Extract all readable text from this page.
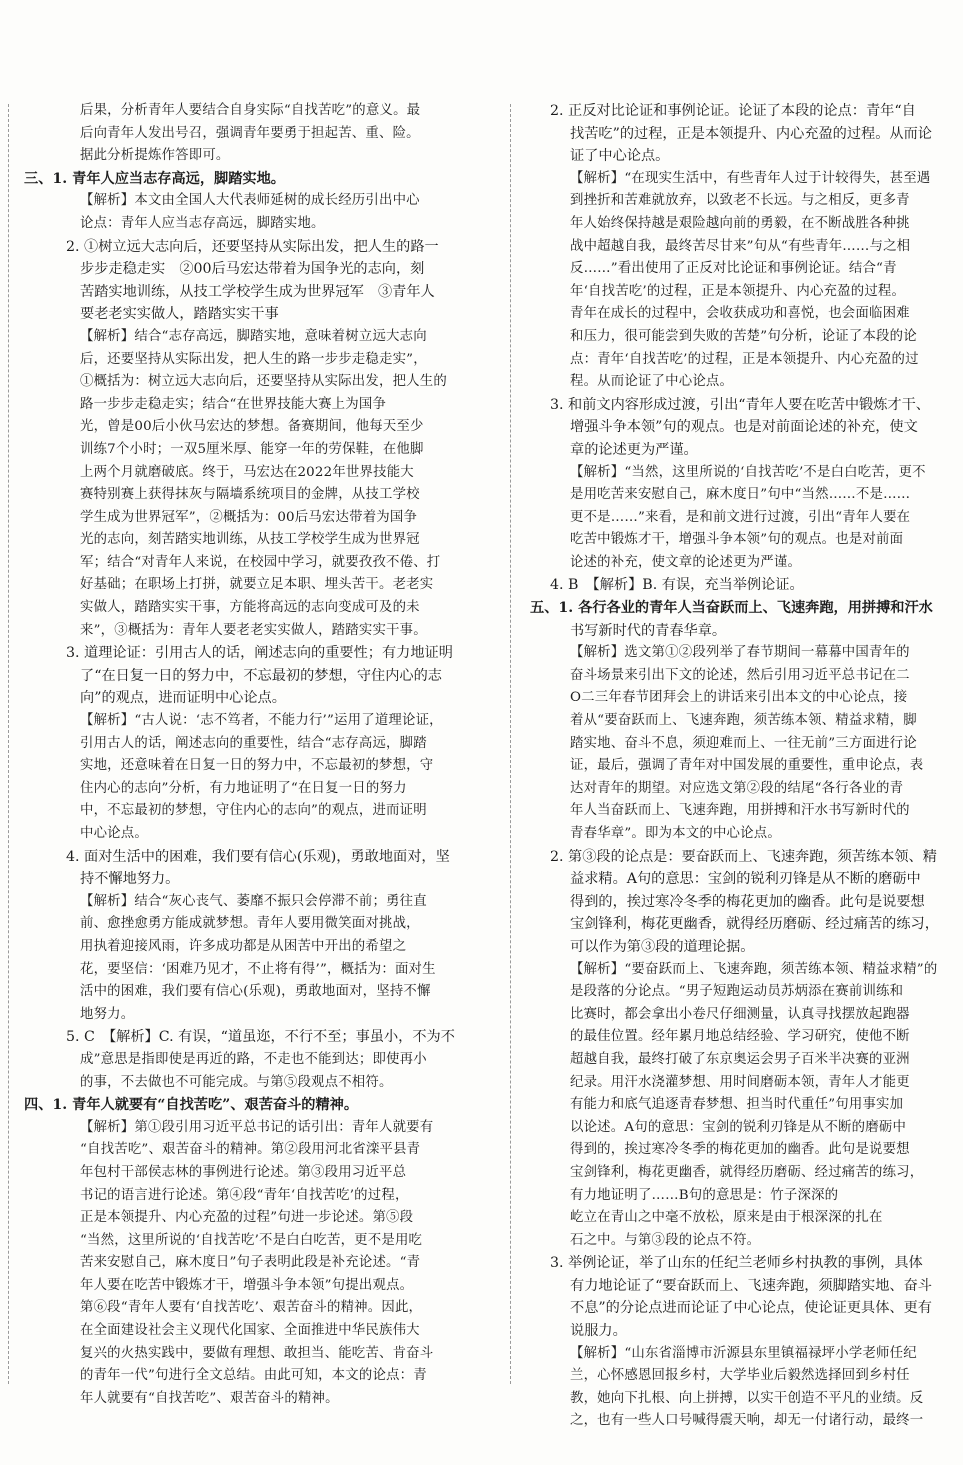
后果，分析青年人要结合自身实际“自找苦吃”的意义。最
后向青年人发出号召，强调青年要勇于担起苦、重、险。
据此分析提炼作答即可。
三、1. 青年人应当志存高远，脚踏实地。
【解析】本文由全国人大代表师延树的成长经历引出中心
论点：青年人应当志存高远，脚踏实地。
2. ①树立远大志向后，还要坚持从实际出发，把人生的路一
步步走稳走实　②00后马宏达带着为国争光的志向，刻
苦踏实地训练，从技工学校学生成为世界冠军　③青年人
要老老实实做人，踏踏实实干事
【解析】结合“志存高远，脚踏实地，意味着树立远大志向
后，还要坚持从实际出发，把人生的路一步步走稳走实”，
①概括为：树立远大志向后，还要坚持从实际出发，把人生的
路一步步走稳走实；结合“在世界技能大赛上为国争
光，曾是00后小伙马宏达的梦想。备赛期间，他每天至少
训练7个小时；一双5厘米厚、能穿一年的劳保鞋，在他脚
上两个月就磨破底。终于，马宏达在2022年世界技能大
赛特别赛上获得抹灰与隔墙系统项目的金牌，从技工学校
学生成为世界冠军”，②概括为：00后马宏达带着为国争
光的志向，刻苦踏实地训练，从技工学校学生成为世界冠
军；结合“对青年人来说，在校园中学习，就要孜孜不倦、打
好基础；在职场上打拼，就要立足本职、埋头苦干。老老实
实做人，踏踏实实干事，方能将高远的志向变成可及的未
来”，③概括为：青年人要老老实实做人，踏踏实实干事。
3. 道理论证：引用古人的话，阐述志向的重要性；有力地证明
了“在日复一日的努力中，不忘最初的梦想，守住内心的志
向”的观点，进而证明中心论点。
【解析】“古人说：‘志不笃者，不能力行’”运用了道理论证，
引用古人的话，阐述志向的重要性，结合“志存高远，脚踏
实地，还意味着在日复一日的努力中，不忘最初的梦想，守
住内心的志向”分析，有力地证明了“在日复一日的努力
中，不忘最初的梦想，守住内心的志向”的观点，进而证明
中心论点。
4. 面对生活中的困难，我们要有信心(乐观)，勇敢地面对，坚
持不懈地努力。
【解析】结合“灰心丧气、萎靡不振只会停滞不前；勇往直
前、愈挫愈勇方能成就梦想。青年人要用微笑面对挑战，
用执着迎接风雨，许多成功都是从困苦中开出的希望之
花，要坚信：‘困难乃见才，不止将有得’”，概括为：面对生
活中的困难，我们要有信心(乐观)，勇敢地面对，坚持不懈
地努力。
5. C　【解析】C. 有误，“道虽迩，不行不至；事虽小，不为不
成”意思是指即使是再近的路，不走也不能到达；即使再小
的事，不去做也不可能完成。与第⑤段观点不相符。
四、1. 青年人就要有“自找苦吃”、艰苦奋斗的精神。
【解析】第①段引用习近平总书记的话引出：青年人就要有
“自找苦吃”、艰苦奋斗的精神。第②段用河北省滦平县青
年包村干部侯志林的事例进行论述。第③段用习近平总
书记的语言进行论述。第④段“青年‘自找苦吃’的过程，
正是本领提升、内心充盈的过程”句进一步论述。第⑤段
“当然，这里所说的‘自找苦吃’不是白白吃苦，更不是用吃
苦来安慰自己，麻木度日”句子表明此段是补充论述。“青
年人要在吃苦中锻炼才干，增强斗争本领”句提出观点。
第⑥段“青年人要有‘自找苦吃’、艰苦奋斗的精神。因此，
在全面建设社会主义现代化国家、全面推进中华民族伟大
复兴的火热实践中，要做有理想、敢担当、能吃苦、肯奋斗
的青年一代”句进行全文总结。由此可知，本文的论点：青
年人就要有“自找苦吃”、艰苦奋斗的精神。
2. 正反对比论证和事例论证。论证了本段的论点：青年“自
找苦吃”的过程，正是本领提升、内心充盈的过程。从而论
证了中心论点。
【解析】“在现实生活中，有些青年人过于计较得失，甚至遇
到挫折和苦难就放弃，以致老不长远。与之相反，更多青
年人始终保持越是艰险越向前的勇毅，在不断战胜各种挑
战中超越自我，最终苦尽甘来”句从“有些青年……与之相
反……”看出使用了正反对比论证和事例论证。结合“青
年‘自找苦吃’的过程，正是本领提升、内心充盈的过程。
青年在成长的过程中，会收获成功和喜悦，也会面临困难
和压力，很可能尝到失败的苦楚”句分析，论证了本段的论
点：青年‘自找苦吃’的过程，正是本领提升、内心充盈的过
程。从而论证了中心论点。
3. 和前文内容形成过渡，引出“青年人要在吃苦中锻炼才干、
增强斗争本领”句的观点。也是对前面论述的补充，使文
章的论述更为严谨。
【解析】“当然，这里所说的‘自找苦吃’不是白白吃苦，更不
是用吃苦来安慰自己，麻木度日”句中“当然……不是……
更不是……”来看，是和前文进行过渡，引出“青年人要在
吃苦中锻炼才干，增强斗争本领”句的观点。也是对前面
论述的补充，使文章的论述更为严谨。
4. B　【解析】B. 有误，充当举例论证。
五、1. 各行各业的青年人当奋跃而上、飞速奔跑，用拼搏和汗水
书写新时代的青春华章。
【解析】选文第①②段列举了春节期间一幕幕中国青年的
奋斗场景来引出下文的论述，然后引用习近平总书记在二
O二三年春节团拜会上的讲话来引出本文的中心论点，接
着从“要奋跃而上、飞速奔跑，须苦练本领、精益求精，脚
踏实地、奋斗不息，须迎难而上、一往无前”三方面进行论
证，最后，强调了青年对中国发展的重要性，重申论点，表
达对青年的期望。对应选文第②段的结尾“各行各业的青
年人当奋跃而上、飞速奔跑，用拼搏和汗水书写新时代的
青春华章”。即为本文的中心论点。
2. 第③段的论点是：要奋跃而上、飞速奔跑，须苦练本领、精
益求精。A句的意思：宝剑的锐利刃锋是从不断的磨砺中
得到的，挨过寒冷冬季的梅花更加的幽香。此句是说要想
宝剑锋利，梅花更幽香，就得经历磨砺、经过痛苦的练习，
可以作为第③段的道理论据。
【解析】“要奋跃而上、飞速奔跑，须苦练本领、精益求精”的
是段落的分论点。“男子短跑运动员苏炳添在赛前训练和
比赛时，都会拿出小卷尺仔细测量，认真寻找摆放起跑器
的最佳位置。经年累月地总结经验、学习研究，使他不断
超越自我，最终打破了东京奥运会男子百米半决赛的亚洲
纪录。用汗水浇灌梦想、用时间磨砺本领，青年人才能更
有能力和底气追逐青春梦想、担当时代重任”句用事实加
以论述。A句的意思：宝剑的锐利刃锋是从不断的磨砺中
得到的，挨过寒冷冬季的梅花更加的幽香。此句是说要想
宝剑锋利，梅花更幽香，就得经历磨砺、经过痛苦的练习，
有力地证明了……B句的意思是：竹子深深的
屹立在青山之中毫不放松，原来是由于根深深的扎在
石之中。与第③段的论点不符。
3. 举例论证，举了山东的任纪兰老师乡村执教的事例，具体
有力地论证了“要奋跃而上、飞速奔跑，须脚踏实地、奋斗
不息”的分论点进而论证了中心论点，使论证更具体、更有
说服力。
【解析】“山东省淄博市沂源县东里镇福禄坪小学老师任纪
兰，心怀感恩回报乡村，大学毕业后毅然选择回到乡村任
教，她向下扎根、向上拼搏，以实干创造不平凡的业绩。反
之，也有一些人口号喊得震天响，却无一付诸行动，最终一
